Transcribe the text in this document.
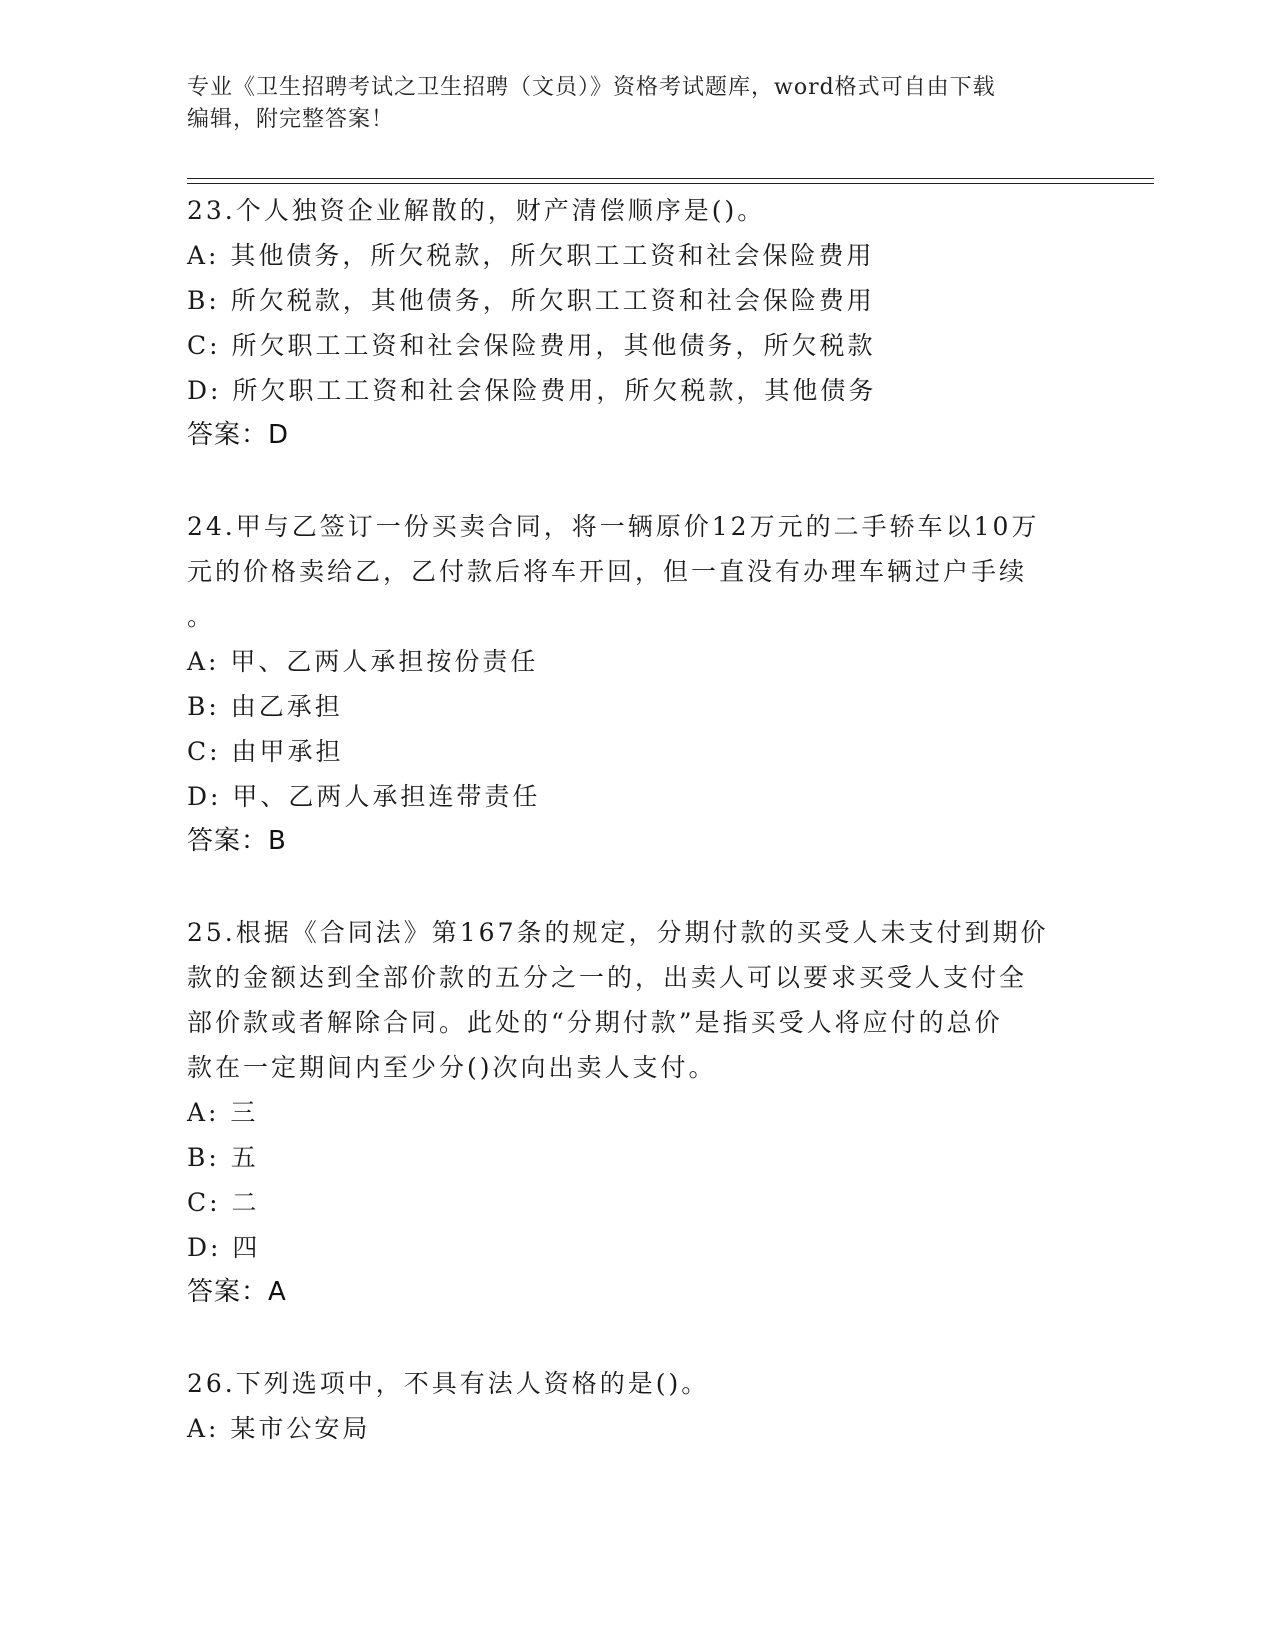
专业《卫生招聘考试之卫生招聘（文员）》资格考试题库，word格式可自由下载
编辑，附完整答案！

23.个人独资企业解散的，财产清偿顺序是()。

A: 其他债务，所欠税款，所欠职工工资和社会保险费用

B: 所欠税款，其他债务，所欠职工工资和社会保险费用

C: 所欠职工工资和社会保险费用，其他债务，所欠税款

D: 所欠职工工资和社会保险费用，所欠税款，其他债务

答案：D

24.甲与乙签订一份买卖合同，将一辆原价12万元的二手轿车以10万

元的价格卖给乙，乙付款后将车开回，但一直没有办理车辆过户手续

。

A: 甲、乙两人承担按份责任

B: 由乙承担

C: 由甲承担

D: 甲、乙两人承担连带责任

答案：B

25.根据《合同法》第167条的规定，分期付款的买受人未支付到期价

款的金额达到全部价款的五分之一的，出卖人可以要求买受人支付全

部价款或者解除合同。此处的“分期付款”是指买受人将应付的总价

款在一定期间内至少分()次向出卖人支付。

A: 三

B: 五

C: 二

D: 四

答案：A

26.下列选项中，不具有法人资格的是()。

A: 某市公安局
